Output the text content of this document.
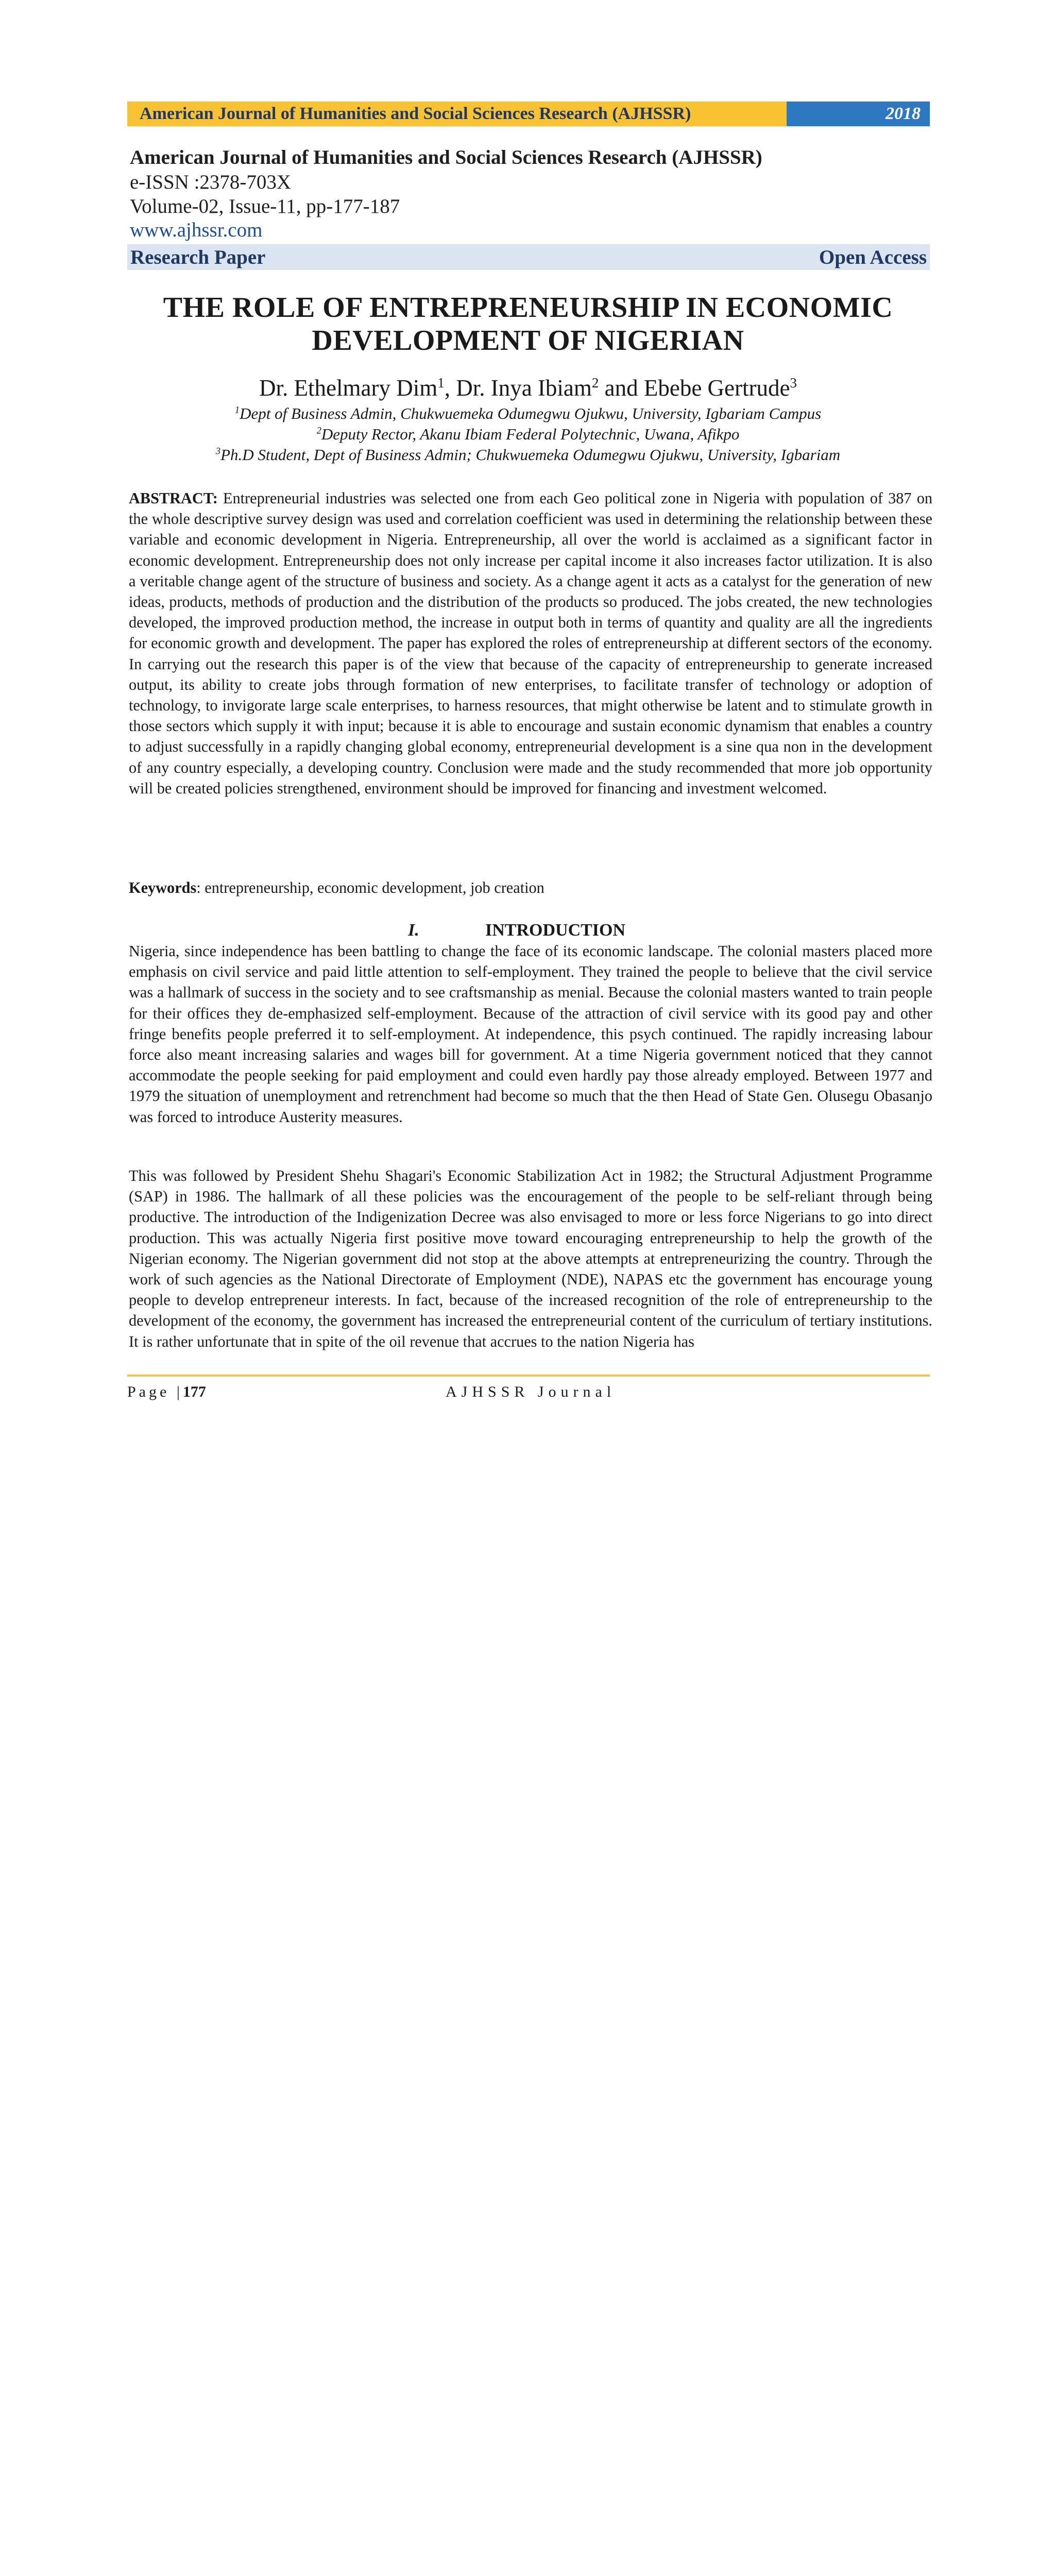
American Journal of Humanities and Social Sciences Research (AJHSSR)	2018
American Journal of Humanities and Social Sciences Research (AJHSSR)
e-ISSN :2378-703X
Volume-02, Issue-11, pp-177-187
www.ajhssr.com
Research Paper	Open Access
THE ROLE OF ENTREPRENEURSHIP IN ECONOMIC
DEVELOPMENT OF NIGERIAN
Dr. Ethelmary Dim$^1$, Dr. Inya Ibiam$^2$ and Ebebe Gertrude$^3$
$^1$Dept of Business Admin, Chukwuemeka Odumegwu Ojukwu, University, Igbariam Campus
$^2$Deputy Rector, Akanu Ibiam Federal Polytechnic, Uwana, Afikpo
$^3$Ph.D Student, Dept of Business Admin; Chukwuemeka Odumegwu Ojukwu, University, Igbariam
ABSTRACT: Entrepreneurial industries was selected one from each Geo political zone in Nigeria with population of 387 on the whole descriptive survey design was used and correlation coefficient was used in determining the relationship between these variable and economic development in Nigeria. Entrepreneurship, all over the world is acclaimed as a significant factor in economic development. Entrepreneurship does not only increase per capital income it also increases factor utilization. It is also a veritable change agent of the structure of business and society. As a change agent it acts as a catalyst for the generation of new ideas, products, methods of production and the distribution of the products so produced. The jobs created, the new technologies developed, the improved production method, the increase in output both in terms of quantity and quality are all the ingredients for economic growth and development. The paper has explored the roles of entrepreneurship at different sectors of the economy. In carrying out the research this paper is of the view that because of the capacity of entrepreneurship to generate increased output, its ability to create jobs through formation of new enterprises, to facilitate transfer of technology or adoption of technology, to invigorate large scale enterprises, to harness resources, that might otherwise be latent and to stimulate growth in those sectors which supply it with input; because it is able to encourage and sustain economic dynamism that enables a country to adjust successfully in a rapidly changing global economy, entrepreneurial development is a sine qua non in the development of any country especially, a developing country. Conclusion were made and the study recommended that more job opportunity will be created policies strengthened, environment should be improved for financing and investment welcomed.
Keywords: entrepreneurship, economic development, job creation
I.	INTRODUCTION
Nigeria, since independence has been battling to change the face of its economic landscape. The colonial masters placed more emphasis on civil service and paid little attention to self-employment. They trained the people to believe that the civil service was a hallmark of success in the society and to see craftsmanship as menial. Because the colonial masters wanted to train people for their offices they de-emphasized self-employment. Because of the attraction of civil service with its good pay and other fringe benefits people preferred it to self-employment. At independence, this psych continued. The rapidly increasing labour force also meant increasing salaries and wages bill for government. At a time Nigeria government noticed that they cannot accommodate the people seeking for paid employment and could even hardly pay those already employed. Between 1977 and 1979 the situation of unemployment and retrenchment had become so much that the then Head of State Gen. Olusegu Obasanjo was forced to introduce Austerity measures.
This was followed by President Shehu Shagari's Economic Stabilization Act in 1982; the Structural Adjustment Programme (SAP) in 1986. The hallmark of all these policies was the encouragement of the people to be self-reliant through being productive. The introduction of the Indigenization Decree was also envisaged to more or less force Nigerians to go into direct production. This was actually Nigeria first positive move toward encouraging entrepreneurship to help the growth of the Nigerian economy. The Nigerian government did not stop at the above attempts at entrepreneurizing the country. Through the work of such agencies as the National Directorate of Employment (NDE), NAPAS etc the government has encourage young people to develop entrepreneur interests. In fact, because of the increased recognition of the role of entrepreneurship to the development of the economy, the government has increased the entrepreneurial content of the curriculum of tertiary institutions. It is rather unfortunate that in spite of the oil revenue that accrues to the nation Nigeria has
AJHSSR Journal
Page |177
